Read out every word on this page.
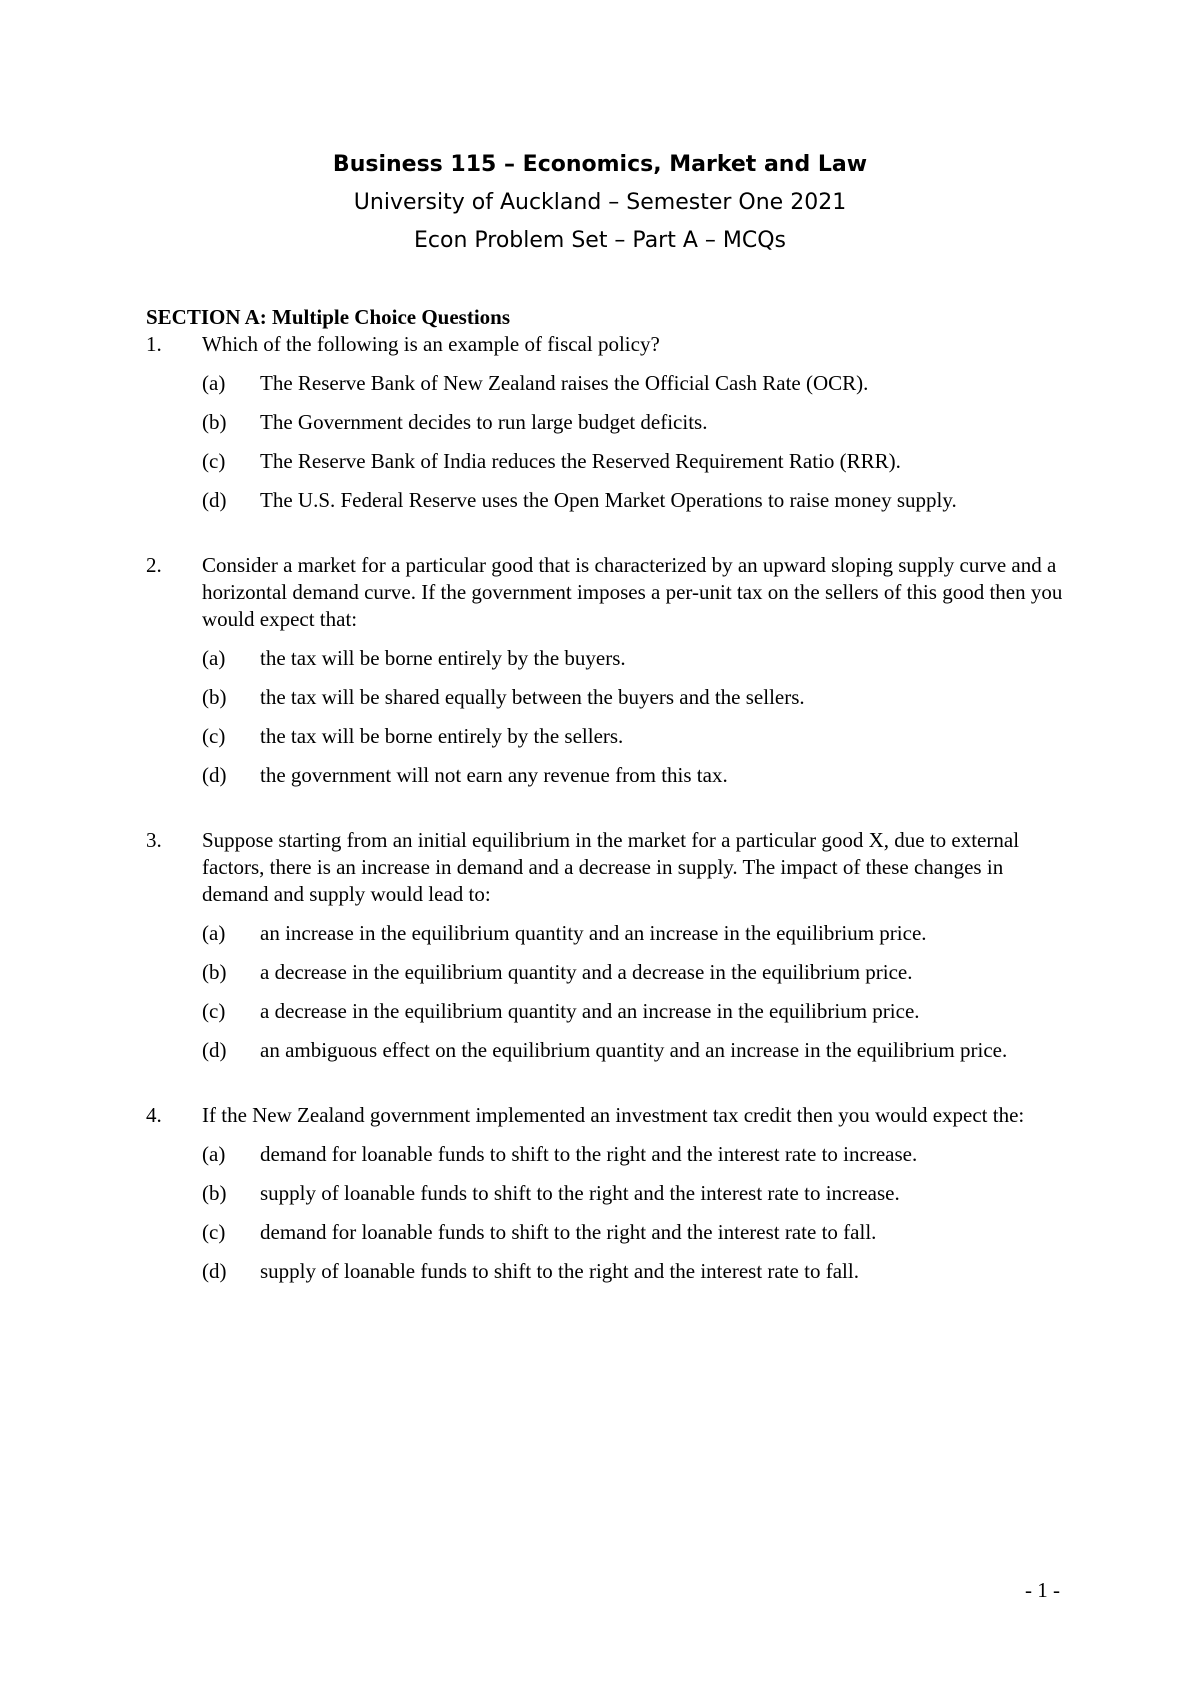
Business 115 – Economics, Market and Law
University of Auckland – Semester One 2021
Econ Problem Set – Part A – MCQs
SECTION A: Multiple Choice Questions
1.	Which of the following is an example of fiscal policy?
(a)	The Reserve Bank of New Zealand raises the Official Cash Rate (OCR).
(b)	The Government decides to run large budget deficits.
(c)	The Reserve Bank of India reduces the Reserved Requirement Ratio (RRR).
(d)	The U.S. Federal Reserve uses the Open Market Operations to raise money supply.
2.	Consider a market for a particular good that is characterized by an upward sloping supply curve and a horizontal demand curve. If the government imposes a per-unit tax on the sellers of this good then you would expect that:
(a)	the tax will be borne entirely by the buyers.
(b)	the tax will be shared equally between the buyers and the sellers.
(c)	the tax will be borne entirely by the sellers.
(d)	the government will not earn any revenue from this tax.
3.	Suppose starting from an initial equilibrium in the market for a particular good X, due to external factors, there is an increase in demand and a decrease in supply. The impact of these changes in demand and supply would lead to:
(a)	an increase in the equilibrium quantity and an increase in the equilibrium price.
(b)	a decrease in the equilibrium quantity and a decrease in the equilibrium price.
(c)	a decrease in the equilibrium quantity and an increase in the equilibrium price.
(d)	an ambiguous effect on the equilibrium quantity and an increase in the equilibrium price.
4.	If the New Zealand government implemented an investment tax credit then you would expect the:
(a)	demand for loanable funds to shift to the right and the interest rate to increase.
(b)	supply of loanable funds to shift to the right and the interest rate to increase.
(c)	demand for loanable funds to shift to the right and the interest rate to fall.
(d)	supply of loanable funds to shift to the right and the interest rate to fall.
- 1 -
